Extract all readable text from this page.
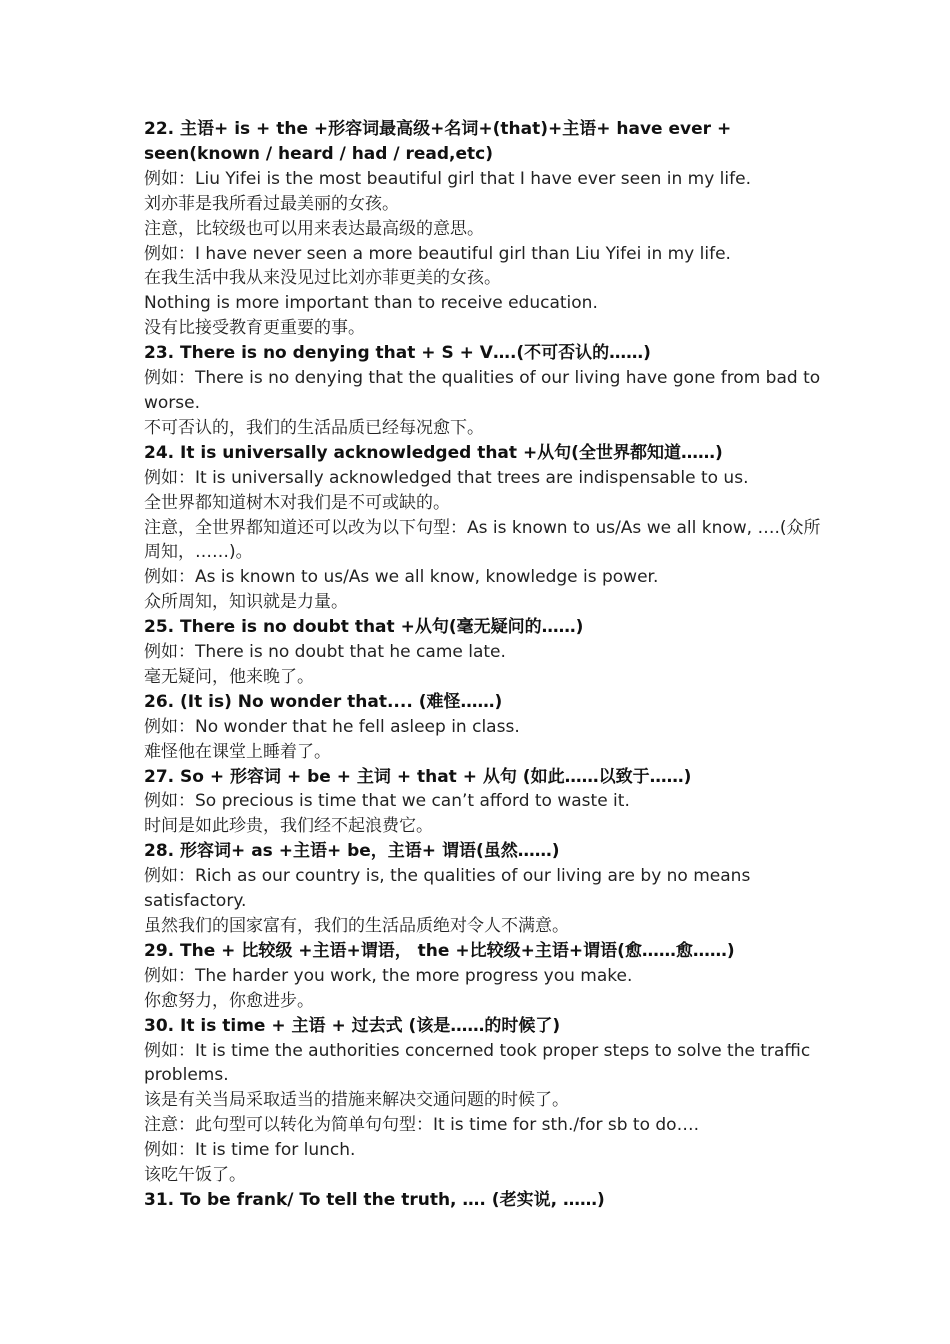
22. 主语+ is + the +形容词最高级+名词+(that)+主语+ have ever + seen(known / heard / had / read,etc)
例如：Liu Yifei is the most beautiful girl that I have ever seen in my life.
刘亦菲是我所看过最美丽的女孩。
注意，比较级也可以用来表达最高级的意思。
例如：I have never seen a more beautiful girl than Liu Yifei in my life.
在我生活中我从来没见过比刘亦菲更美的女孩。
Nothing is more important than to receive education.
没有比接受教育更重要的事。
23. There is no denying that + S + V….(不可否认的……)
例如：There is no denying that the qualities of our living have gone from bad to worse.
不可否认的，我们的生活品质已经每况愈下。
24. It is universally acknowledged that +从句(全世界都知道……)
例如：It is universally acknowledged that trees are indispensable to us.
全世界都知道树木对我们是不可或缺的。
注意，全世界都知道还可以改为以下句型：As is known to us/As we all know, ….(众所周知，……)。
例如：As is known to us/As we all know, knowledge is power.
众所周知，知识就是力量。
25. There is no doubt that +从句(毫无疑问的……)
例如：There is no doubt that he came late.
毫无疑问，他来晚了。
26. (It is) No wonder that.... (难怪……)
例如：No wonder that he fell asleep in class.
难怪他在课堂上睡着了。
27. So + 形容词 + be + 主词 + that + 从句 (如此……以致于……)
例如：So precious is time that we can’t afford to waste it.
时间是如此珍贵，我们经不起浪费它。
28. 形容词+ as +主语+ be，主语+ 谓语(虽然……)
例如：Rich as our country is, the qualities of our living are by no means satisfactory.
虽然我们的国家富有，我们的生活品质绝对令人不满意。
29. The + 比较级 +主语+谓语， the +比较级+主语+谓语(愈……愈……)
例如：The harder you work, the more progress you make.
你愈努力，你愈进步。
30. It is time + 主语 + 过去式 (该是……的时候了)
例如：It is time the authorities concerned took proper steps to solve the traffic problems.
该是有关当局采取适当的措施来解决交通问题的时候了。
注意：此句型可以转化为简单句句型：It is time for sth./for sb to do….
例如：It is time for lunch.
该吃午饭了。
31. To be frank/ To tell the truth, …. (老实说, ……)
